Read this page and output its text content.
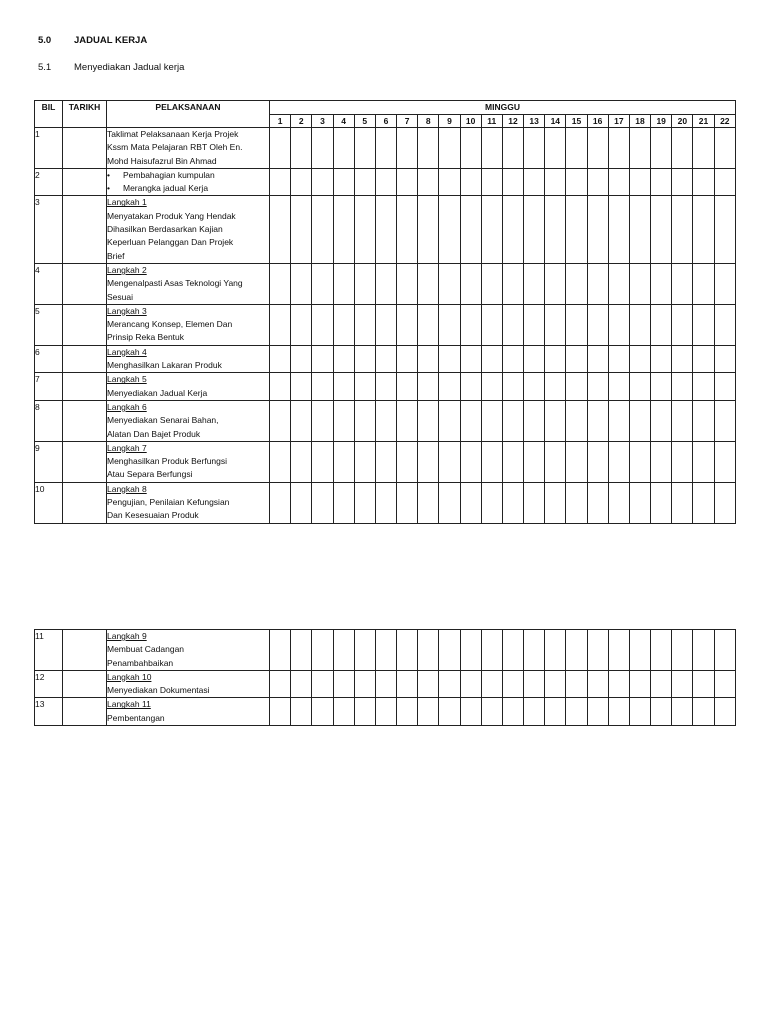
5.0 JADUAL KERJA
5.1 Menyediakan Jadual kerja
BIL	TARIKH	PELAKSANAAN	MINGGU																					
			1	2	3	4	5	6	7	8	9	10	11	12	13	14	15	16	17	18	19	20	21	22
1		Taklimat Pelaksanaan Kerja Projek
Kssm Mata Pelajaran RBT Oleh En.
Mohd Haisufazrul Bin Ahmad																						

2		• Pembahagian kumpulan
• Merangka jadual Kerja																						

3		Langkah 1
Menyatakan Produk Yang Hendak
Dihasilkan Berdasarkan Kajian
Keperluan Pelanggan Dan Projek
Brief																						

4		Langkah 2
Mengenalpasti Asas Teknologi Yang
Sesuai																						

5		Langkah 3
Merancang Konsep, Elemen Dan
Prinsip Reka Bentuk																						

6		Langkah 4
Menghasilkan Lakaran Produk																						

7		Langkah 5
Menyediakan Jadual Kerja																						

8		Langkah 6
Menyediakan Senarai Bahan,
Alatan Dan Bajet Produk																						

9		Langkah 7
Menghasilkan Produk Berfungsi
Atau Separa Berfungsi																						

10		Langkah 8
Pengujian, Penilaian Kefungsian
Dan Kesesuaian Produk																						

11		Langkah 9
Membuat Cadangan
Penambahbaikan																						

12		Langkah 10
Menyediakan Dokumentasi																						

13		Langkah 11
Pembentangan																						
